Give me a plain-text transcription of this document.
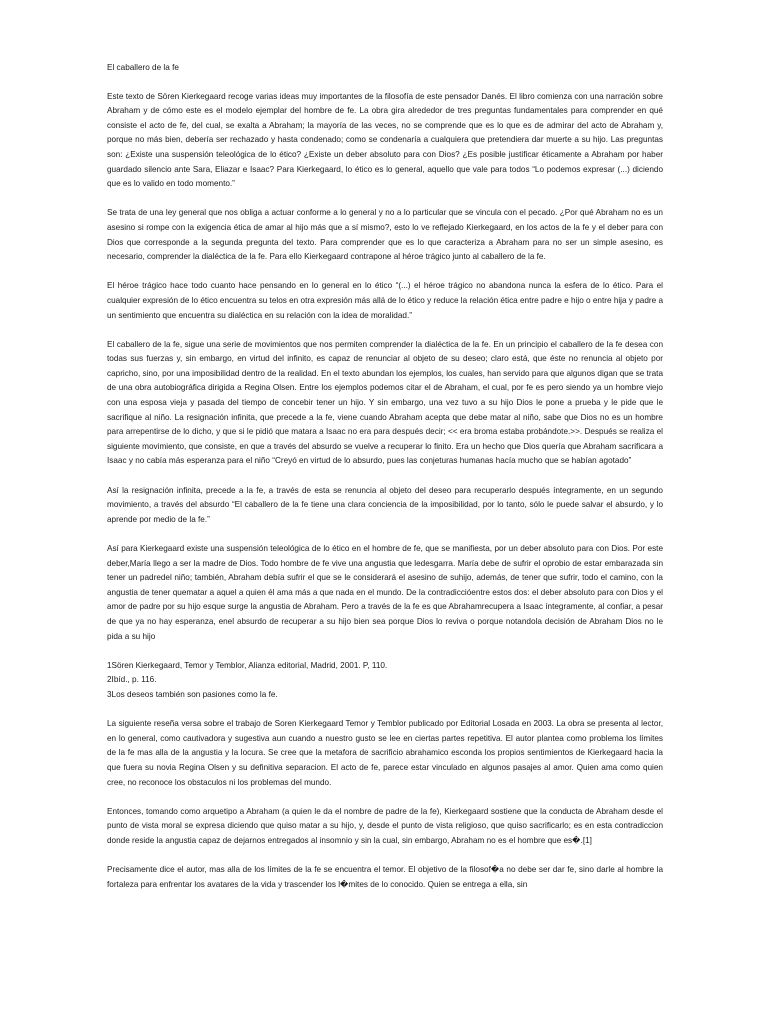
El caballero de la fe

Este texto de Sören Kierkegaard recoge varias ideas muy importantes de la filosofía de este pensador Danés. El libro comienza con una narración sobre Abraham y de cómo este es el modelo ejemplar del hombre de fe. La obra gira alrededor de tres preguntas fundamentales para comprender en qué consiste el acto de fe, del cual, se exalta a Abraham; la mayoría de las veces, no se comprende que es lo que es de admirar del acto de Abraham y, porque no más bien, debería ser rechazado y hasta condenado; como se condenaría a cualquiera que pretendiera dar muerte a su hijo. Las preguntas son: ¿Existe una suspensión teleológica de lo ético? ¿Existe un deber absoluto para con Dios? ¿Es posible justificar éticamente a Abraham por haber guardado silencio ante Sara, Eliazar e Isaac? Para Kierkegaard, lo ético es lo general, aquello que vale para todos “Lo podemos expresar (...) diciendo que es lo valido en todo momento.”

Se trata de una ley general que nos obliga a actuar conforme a lo general y no a lo particular que se vincula con el pecado. ¿Por qué Abraham no es un asesino si rompe con la exigencia ética de amar al hijo más que a sí mismo?, esto lo ve reflejado Kierkegaard, en los actos de la fe y el deber para con Dios que corresponde a la segunda pregunta del texto. Para comprender que es lo que caracteriza a Abraham para no ser un simple asesino, es necesario, comprender la dialéctica de la fe. Para ello Kierkegaard contrapone al héroe trágico junto al caballero de la fe.

El héroe trágico hace todo cuanto hace pensando en lo general en lo ético “(...) el héroe trágico no abandona nunca la esfera de lo ético. Para el cualquier expresión de lo ético encuentra su telos en otra expresión más allá de lo ético y reduce la relación ética entre padre e hijo o entre hija y padre a un sentimiento que encuentra su dialéctica en su relación con la idea de moralidad.”

El caballero de la fe, sigue una serie de movimientos que nos permiten comprender la dialéctica de la fe. En un principio el caballero de la fe desea con todas sus fuerzas y, sin embargo, en virtud del infinito, es capaz de renunciar al objeto de su deseo; claro está, que éste no renuncia al objeto por capricho, sino, por una imposibilidad dentro de la realidad. En el texto abundan los ejemplos, los cuales, han servido para que algunos digan que se trata de una obra autobiográfica dirigida a Regina Olsen. Entre los ejemplos podemos citar el de Abraham, el cual, por fe es pero siendo ya un hombre viejo con una esposa vieja y pasada del tiempo de concebir tener un hijo. Y sin embargo, una vez tuvo a su hijo Dios le pone a prueba y le pide que le sacrifique al niño. La resignación infinita, que precede a la fe, viene cuando Abraham acepta que debe matar al niño, sabe que Dios no es un hombre para arrepentirse de lo dicho, y que si le pidió que matara a Isaac no era para después decir; << era broma estaba probándote.>>. Después se realiza el siguiente movimiento, que consiste, en que a través del absurdo se vuelve a recuperar lo finito. Era un hecho que Dios quería que Abraham sacrificara a Isaac y no cabía más esperanza para el niño “Creyó en virtud de lo absurdo, pues las conjeturas humanas hacía mucho que se habían agotado”

Así la resignación infinita, precede a la fe, a través de esta se renuncia al objeto del deseo para recuperarlo después íntegramente, en un segundo movimiento, a través del absurdo “El caballero de la fe tiene una clara conciencia de la imposibilidad, por lo tanto, sólo le puede salvar el absurdo, y lo aprende por medio de la fe.”

Así para Kierkegaard existe una suspensión teleológica de lo ético en el hombre de fe, que se manifiesta, por un deber absoluto para con Dios. Por este deber,María llego a ser la madre de Dios. Todo hombre de fe vive una angustia que ledesgarra. María debe de sufrir el oprobio de estar embarazada sin tener un padredel niño; también, Abraham debía sufrir el que se le considerará el asesino de suhijo, además, de tener que sufrir, todo el camino, con la angustia de tener quematar a aquel a quien él ama más a que nada en el mundo. De la contradiccióentre estos dos: el deber absoluto para con Dios y el amor de padre por su hijo esque surge la angustia de Abraham. Pero a través de la fe es que Abrahamrecupera a Isaac íntegramente, al confiar, a pesar de que ya no hay esperanza, enel absurdo de recuperar a su hijo bien sea porque Dios lo reviva o porque notandola decisión de Abraham Dios no le pida a su hijo

1Sören Kierkegaard, Temor y Temblor, Alianza editorial, Madrid, 2001. P, 110.
2Ibíd., p. 116.
3Los deseos también son pasiones como la fe.

La siguiente reseña versa sobre el trabajo de Soren Kierkegaard Temor y Temblor publicado por Editorial Losada en 2003. La obra se presenta al lector, en lo general, como cautivadora y sugestiva aun cuando a nuestro gusto se lee en ciertas partes repetitiva. El autor plantea como problema los límites de la fe mas alla de la angustia y la locura. Se cree que la metafora de sacrificio abrahamico esconda los propios sentimientos de Kierkegaard hacia la que fuera su novia Regina Olsen y su definitiva separacion. El acto de fe, parece estar vinculado en algunos pasajes al amor. Quien ama como quien cree, no reconoce los obstaculos ni los problemas del mundo.

Entonces, tomando como arquetipo a Abraham (a quien le da el nombre de padre de la fe), Kierkegaard sostiene que la conducta de Abraham desde el punto de vista moral se expresa diciendo que quiso matar a su hijo, y, desde el punto de vista religioso, que quiso sacrificarlo; es en esta contradiccion donde reside la angustia capaz de dejarnos entregados al insomnio y sin la cual, sin embargo, Abraham no es el hombre que es�.[1]

Precisamente dice el autor, mas alla de los límites de la fe se encuentra el temor. El objetivo de la filosof�a no debe ser dar fe, sino darle al hombre la fortaleza para enfrentar los avatares de la vida y trascender los l�mites de lo conocido. Quien se entrega a ella, sin
